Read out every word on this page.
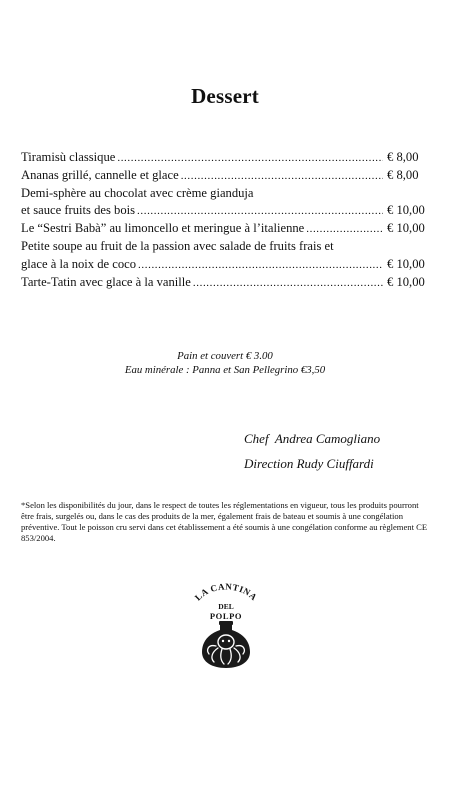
Dessert
Tiramisù classique .....	€ 8,00
Ananas grillé, cannelle et glace .....	€ 8,00
Demi-sphère au chocolat avec crème gianduja
et sauce fruits des bois .....	€ 10,00
Le “Sestri Babà” au limoncello et meringue à l’italienne .....	€ 10,00
Petite soupe au fruit de la passion avec salade de fruits frais et
glace à la noix de coco .....	€ 10,00
Tarte-Tatin avec glace à la vanille .....	€ 10,00
Pain et couvert € 3.00
Eau minérale : Panna et San Pellegrino €3,50
Chef  Andrea Camogliano
Direction Rudy Ciuffardi
*Selon les disponibilités du jour, dans le respect de toutes les réglementations en vigueur, tous les produits pourront être frais, surgelés ou, dans le cas des produits de la mer, également frais de bateau et soumis à une congélation préventive. Tout le poisson cru servi dans cet établissement a été soumis à une congélation conforme au règlement CE 853/2004.
LA CANTINA
DEL
POLPO
